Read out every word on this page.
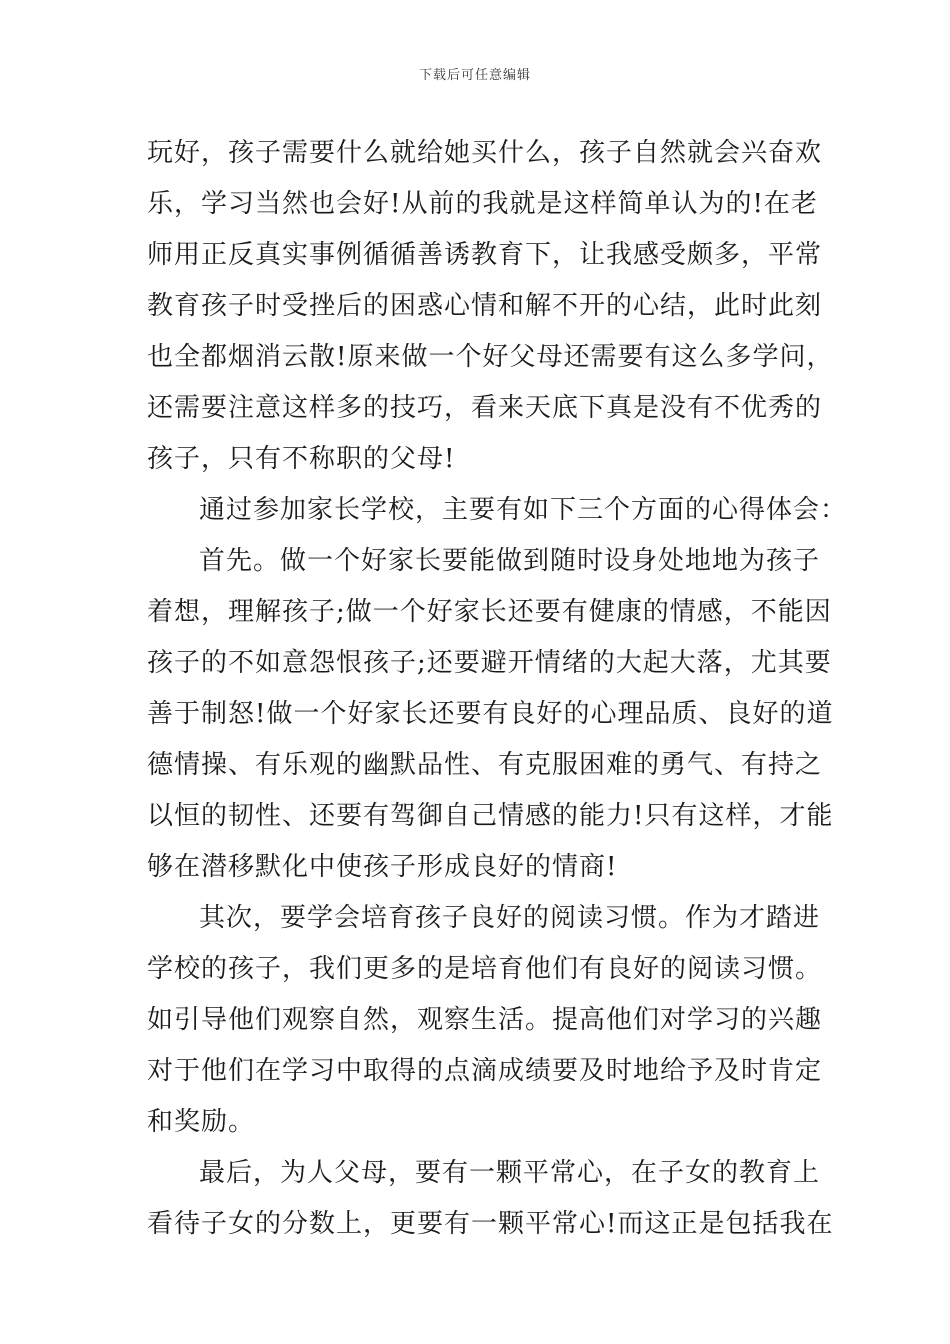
下载后可任意编辑
玩好，孩子需要什么就给她买什么，孩子自然就会兴奋欢
乐，学习当然也会好!从前的我就是这样简单认为的!在老
师用正反真实事例循循善诱教育下，让我感受颇多，平常
教育孩子时受挫后的困惑心情和解不开的心结，此时此刻
也全都烟消云散!原来做一个好父母还需要有这么多学问，
还需要注意这样多的技巧，看来天底下真是没有不优秀的
孩子，只有不称职的父母!
通过参加家长学校，主要有如下三个方面的心得体会：
首先。做一个好家长要能做到随时设身处地地为孩子
着想，理解孩子;做一个好家长还要有健康的情感，不能因
孩子的不如意怨恨孩子;还要避开情绪的大起大落，尤其要
善于制怒!做一个好家长还要有良好的心理品质、良好的道
德情操、有乐观的幽默品性、有克服困难的勇气、有持之
以恒的韧性、还要有驾御自己情感的能力!只有这样，才能
够在潜移默化中使孩子形成良好的情商!
其次，要学会培育孩子良好的阅读习惯。作为才踏进
学校的孩子，我们更多的是培育他们有良好的阅读习惯。
如引导他们观察自然，观察生活。提高他们对学习的兴趣
对于他们在学习中取得的点滴成绩要及时地给予及时肯定
和奖励。
最后，为人父母，要有一颗平常心，在子女的教育上
看待子女的分数上，更要有一颗平常心!而这正是包括我在
